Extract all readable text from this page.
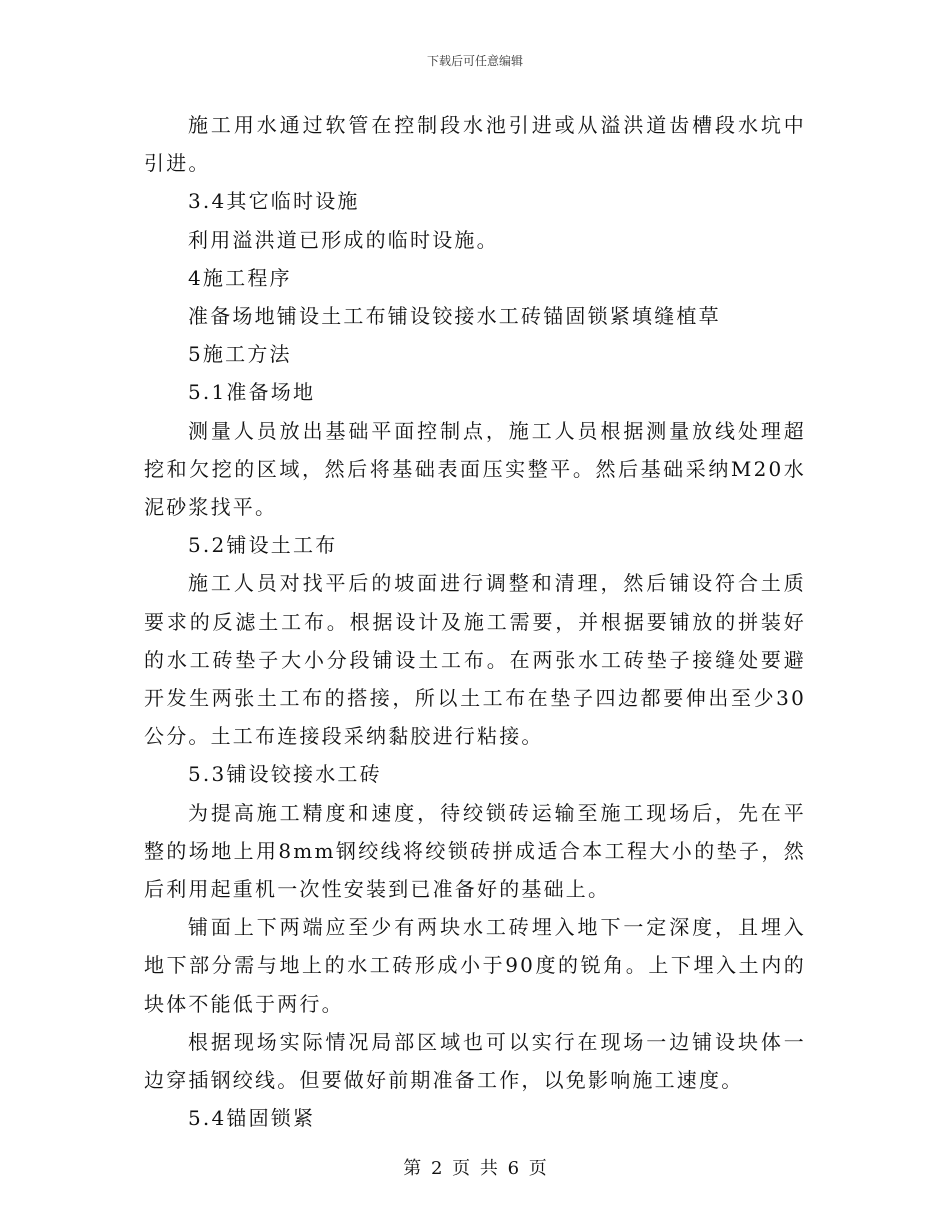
下载后可任意编辑

施工用水通过软管在控制段水池引进或从溢洪道齿槽段水坑中引进。

3.4其它临时设施

利用溢洪道已形成的临时设施。

4施工程序

准备场地铺设土工布铺设铰接水工砖锚固锁紧填缝植草

5施工方法

5.1准备场地

测量人员放出基础平面控制点，施工人员根据测量放线处理超挖和欠挖的区域，然后将基础表面压实整平。然后基础采纳M20水泥砂浆找平。

5.2铺设土工布

施工人员对找平后的坡面进行调整和清理，然后铺设符合土质要求的反滤土工布。根据设计及施工需要，并根据要铺放的拼装好的水工砖垫子大小分段铺设土工布。在两张水工砖垫子接缝处要避开发生两张土工布的搭接，所以土工布在垫子四边都要伸出至少30公分。土工布连接段采纳黏胶进行粘接。

5.3铺设铰接水工砖

为提高施工精度和速度，待绞锁砖运输至施工现场后，先在平整的场地上用8mm钢绞线将绞锁砖拼成适合本工程大小的垫子，然后利用起重机一次性安装到已准备好的基础上。

铺面上下两端应至少有两块水工砖埋入地下一定深度，且埋入地下部分需与地上的水工砖形成小于90度的锐角。上下埋入土内的块体不能低于两行。

根据现场实际情况局部区域也可以实行在现场一边铺设块体一边穿插钢绞线。但要做好前期准备工作，以免影响施工速度。

5.4锚固锁紧

第 2 页 共 6 页
